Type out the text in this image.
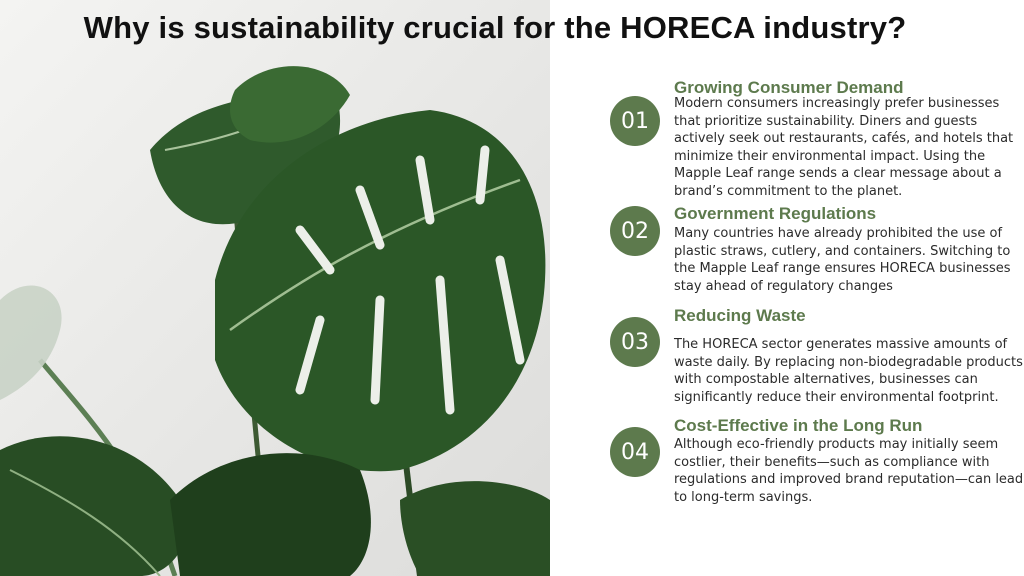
Why is sustainability crucial for the HORECA industry?
01
Growing Consumer Demand
Modern consumers increasingly prefer businesses that prioritize sustainability. Diners and guests actively seek out restaurants, cafés, and hotels that minimize their environmental impact. Using the Mapple Leaf range sends a clear message about a brand’s commitment to the planet.
02
Government Regulations
Many countries have already prohibited the use of plastic straws, cutlery, and containers. Switching to the Mapple Leaf range ensures HORECA businesses stay ahead of regulatory changes
03
Reducing Waste
The HORECA sector generates massive amounts of waste daily. By replacing non-biodegradable products with compostable alternatives, businesses can significantly reduce their environmental footprint.
04
Cost-Effective in the Long Run
Although eco-friendly products may initially seem costlier, their benefits—such as compliance with regulations and improved brand reputation—can lead to long-term savings.
